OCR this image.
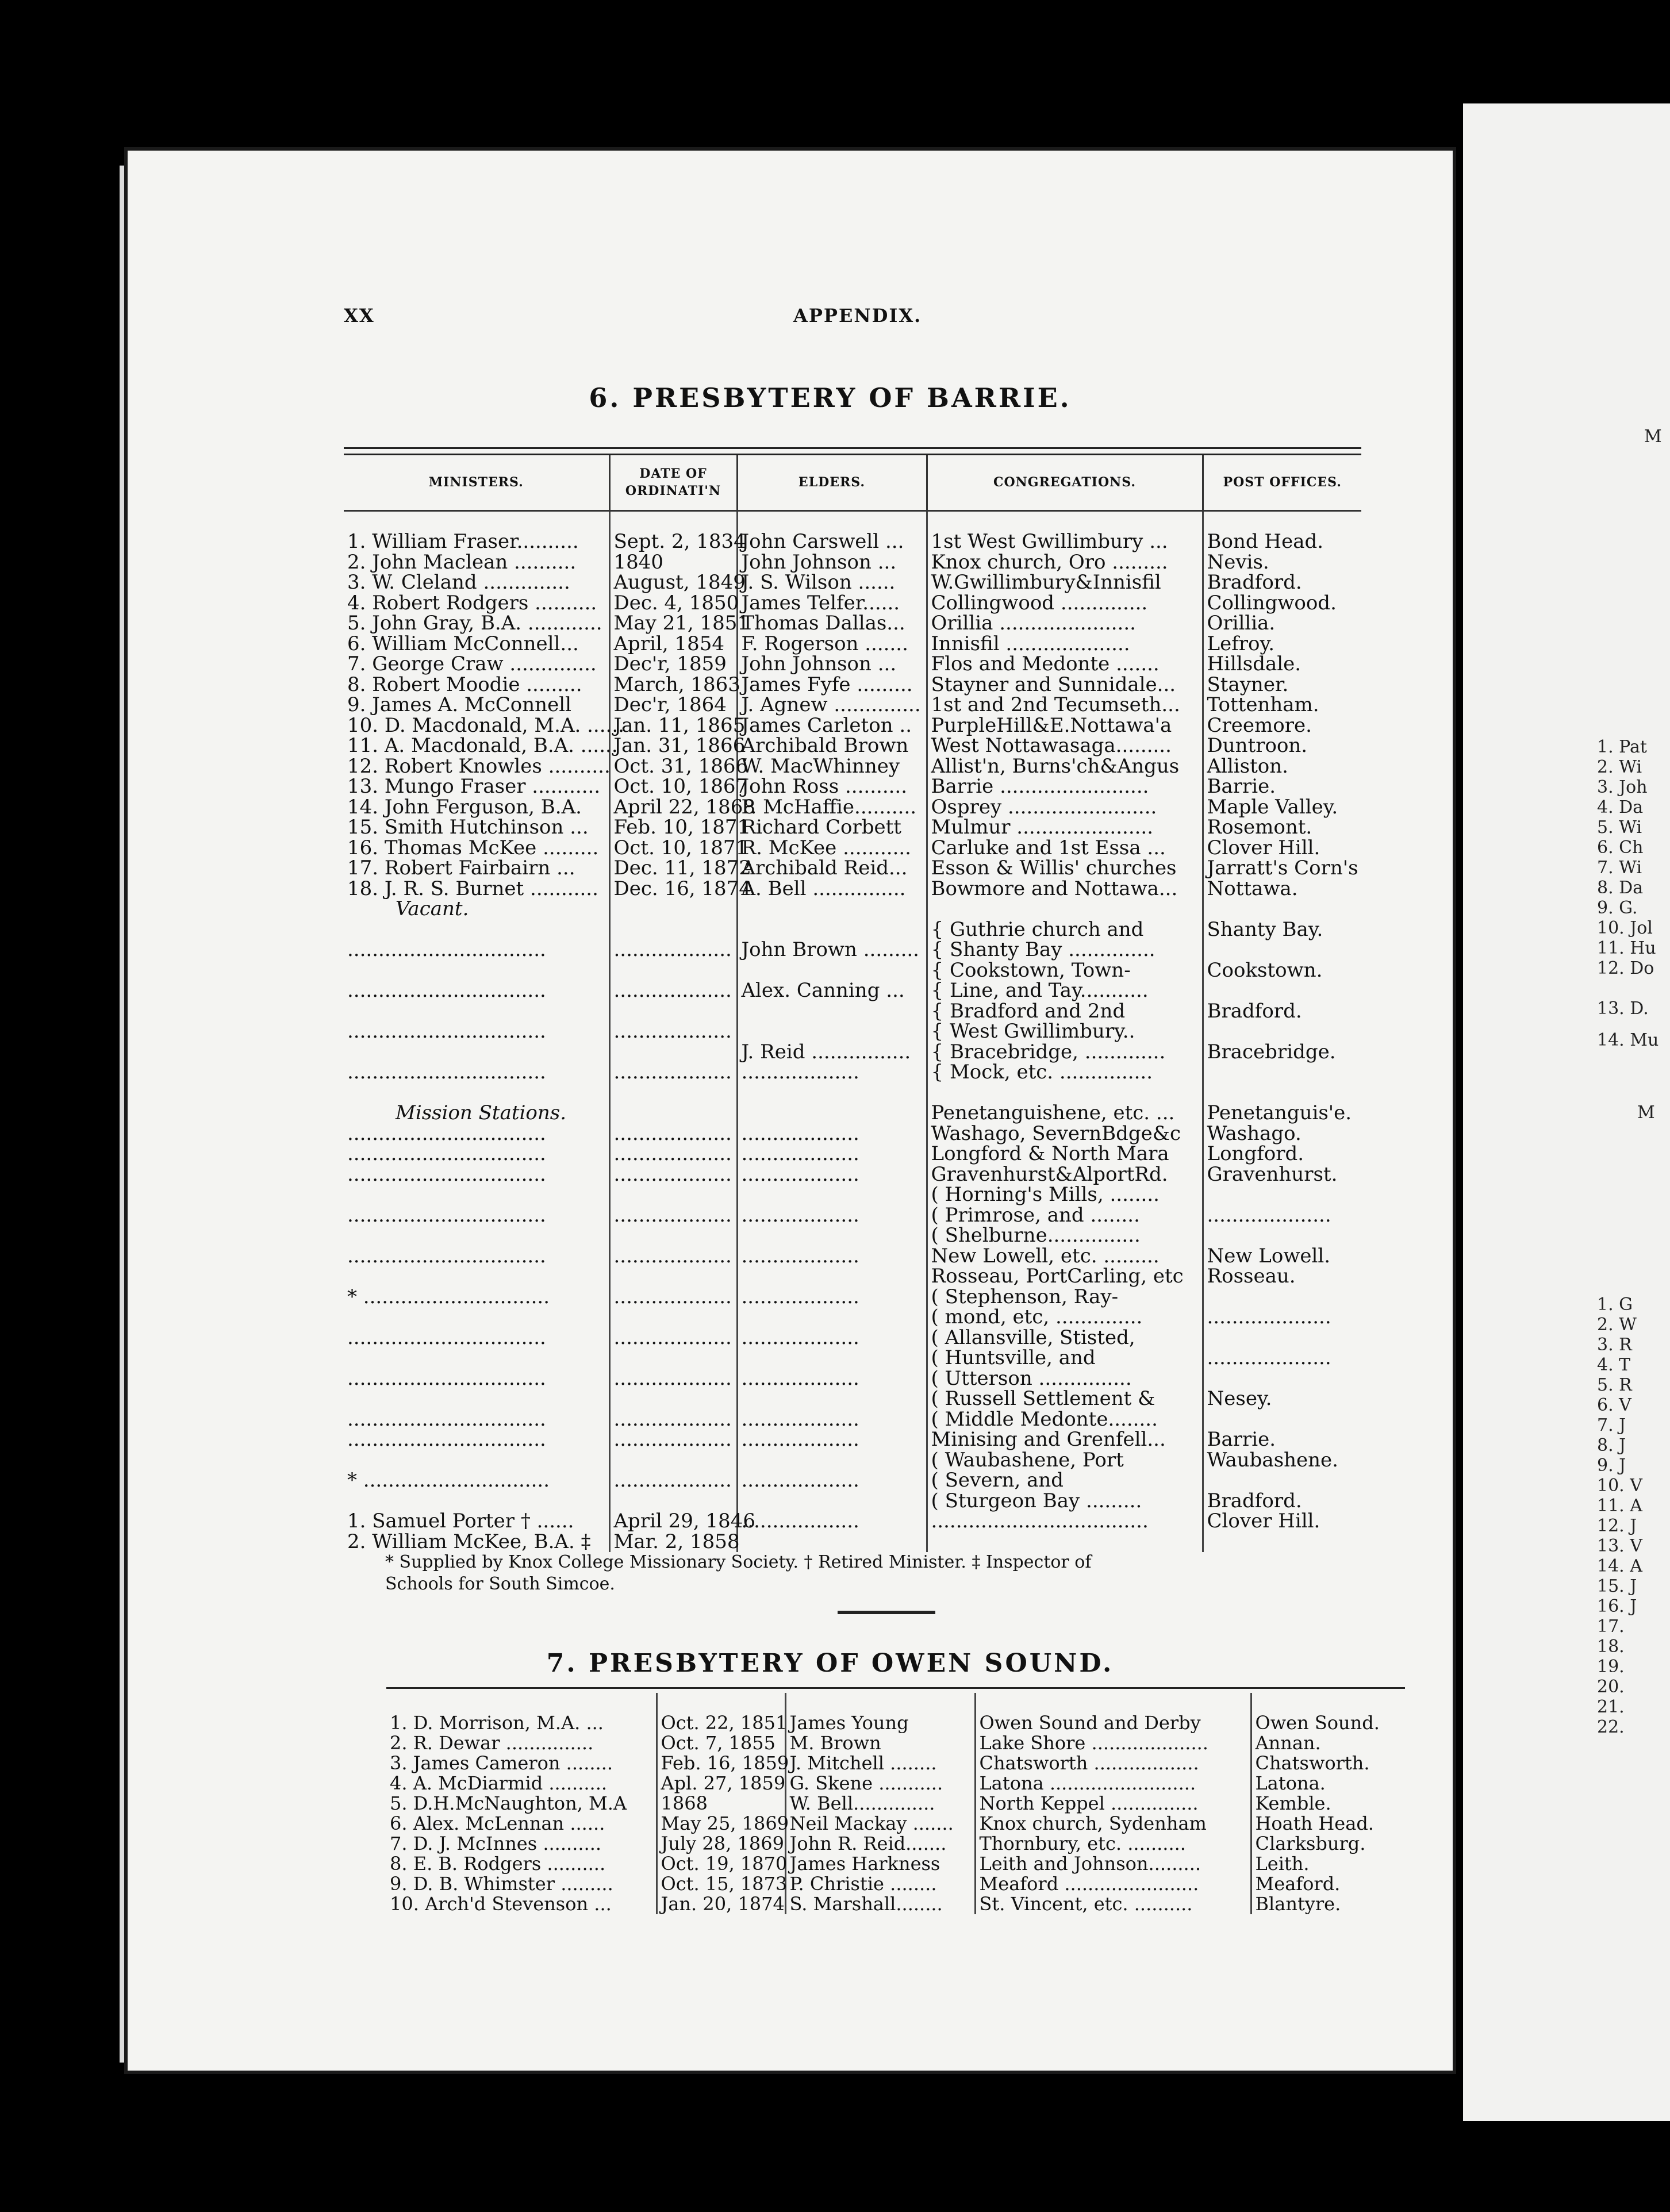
XX	APPENDIX.
6. PRESBYTERY OF BARRIE.
MINISTERS.	DATE OF ORDINATI'N	ELDERS.	CONGREGATIONS.	POST OFFICES.

1. William Fraser..........	Sept. 2, 1834	John Carswell ...	1st West Gwillimbury ...	Bond Head.
2. John Maclean ..........	1840	John Johnson ...	Knox church, Oro .........	Nevis.
3. W. Cleland ..............	August, 1849	J. S. Wilson ......	W.Gwillimbury&Innisfil	Bradford.
4. Robert Rodgers ..........	Dec. 4, 1850	James Telfer......	Collingwood ..............	Collingwood.
5. John Gray, B.A. ............	May 21, 1851	Thomas Dallas...	Orillia ......................	Orillia.
6. William McConnell...	April, 1854	F. Rogerson .......	Innisfil ....................	Lefroy.
7. George Craw ..............	Dec'r, 1859	John Johnson ...	Flos and Medonte .......	Hillsdale.
8. Robert Moodie .........	March, 1863	James Fyfe .........	Stayner and Sunnidale...	Stayner.
9. James A. McConnell	Dec'r, 1864	J. Agnew ..............	1st and 2nd Tecumseth...	Tottenham.
10. D. Macdonald, M.A. ......	Jan. 11, 1865	James Carleton ..	PurpleHill&E.Nottawa'a	Creemore.
11. A. Macdonald, B.A. ......	Jan. 31, 1866	Archibald Brown	West Nottawasaga.........	Duntroon.
12. Robert Knowles ..........	Oct. 31, 1866	W. MacWhinney	Allist'n, Burns'ch&Angus	Alliston.
13. Mungo Fraser ...........	Oct. 10, 1867	John Ross ..........	Barrie ........................	Barrie.
14. John Ferguson, B.A.	April 22, 1868	P. McHaffie..........	Osprey ........................	Maple Valley.
15. Smith Hutchinson ...	Feb. 10, 1871	Richard Corbett	Mulmur ......................	Rosemont.
16. Thomas McKee .........	Oct. 10, 1871	R. McKee ...........	Carluke and 1st Essa ...	Clover Hill.
17. Robert Fairbairn ...	Dec. 11, 1872	Archibald Reid...	Esson & Willis' churches	Jarratt's Corn's
18. J. R. S. Burnet ...........	Dec. 16, 1874	A. Bell ...............	Bowmore and Nottawa...	Nottawa.
Vacant.				
			{ Guthrie church and	Shanty Bay.
................................	...................	John Brown .........	{ Shanty Bay ..............	
			{ Cookstown, Town-	Cookstown.
................................	...................	Alex. Canning ...	{ Line, and Tay...........	
			{ Bradford and 2nd	Bradford.
................................	...................		{ West Gwillimbury..	
		J. Reid ................	{ Bracebridge, .............	Bracebridge.
................................	...................	...................	{ Mock, etc. ...............	

Mission Stations.			Penetanguishene, etc. ...	Penetanguis'e.
................................	...................	...................	Washago, SevernBdge&c	Washago.
................................	...................	...................	Longford & North Mara	Longford.
................................	...................	...................	Gravenhurst&AlportRd.	Gravenhurst.
			( Horning's Mills, ........	
................................	...................	...................	( Primrose, and ........	....................
			( Shelburne...............	
................................	...................	...................	New Lowell, etc. .........	New Lowell.
			Rosseau, PortCarling, etc	Rosseau.
* ..............................	...................	...................	( Stephenson, Ray-	
			( mond, etc, ..............	....................
................................	...................	...................	( Allansville, Stisted,	
			( Huntsville, and	....................
................................	...................	...................	( Utterson ...............	
			( Russell Settlement &	Nesey.
................................	...................	...................	( Middle Medonte........	
................................	...................	...................	Minising and Grenfell...	Barrie.
			( Waubashene, Port	Waubashene.
* ..............................	...................	...................	( Severn, and	
			( Sturgeon Bay .........	Bradford.
1. Samuel Porter † ......	April 29, 1846	...................	...................................	Clover Hill.
2. William McKee, B.A. ‡	Mar. 2, 1858			
* Supplied by Knox College Missionary Society. † Retired Minister. ‡ Inspector of
Schools for South Simcoe.
7. PRESBYTERY OF OWEN SOUND.

1. D. Morrison, M.A. ...	Oct. 22, 1851	James Young	Owen Sound and Derby	Owen Sound.
2. R. Dewar ...............	Oct. 7, 1855	M. Brown	Lake Shore ....................	Annan.
3. James Cameron ........	Feb. 16, 1859	J. Mitchell ........	Chatsworth ..................	Chatsworth.
4. A. McDiarmid ..........	Apl. 27, 1859	G. Skene ...........	Latona .........................	Latona.
5. D.H.McNaughton, M.A	1868	W. Bell..............	North Keppel ...............	Kemble.
6. Alex. McLennan ......	May 25, 1869	Neil Mackay .......	Knox church, Sydenham	Hoath Head.
7. D. J. McInnes ..........	July 28, 1869	John R. Reid.......	Thornbury, etc. ..........	Clarksburg.
8. E. B. Rodgers ..........	Oct. 19, 1870	James Harkness	Leith and Johnson.........	Leith.
9. D. B. Whimster .........	Oct. 15, 1873	P. Christie ........	Meaford .......................	Meaford.
10. Arch'd Stevenson ...	Jan. 20, 1874	S. Marshall........	St. Vincent, etc. ..........	Blantyre.
M
1. Pat
2. Wi
3. Joh
4. Da
5. Wi
6. Ch
7. Wi
8. Da
9. G.
10. Jol
11. Hu
12. Do
13. D.
14. Mu
M
1. G
2. W
3. R
4. T
5. R
6. V
7. J
8. J
9. J
10. V
11. A
12. J
13. V
14. A
15. J
16. J
17.
18.
19.
20.
21.
22.
